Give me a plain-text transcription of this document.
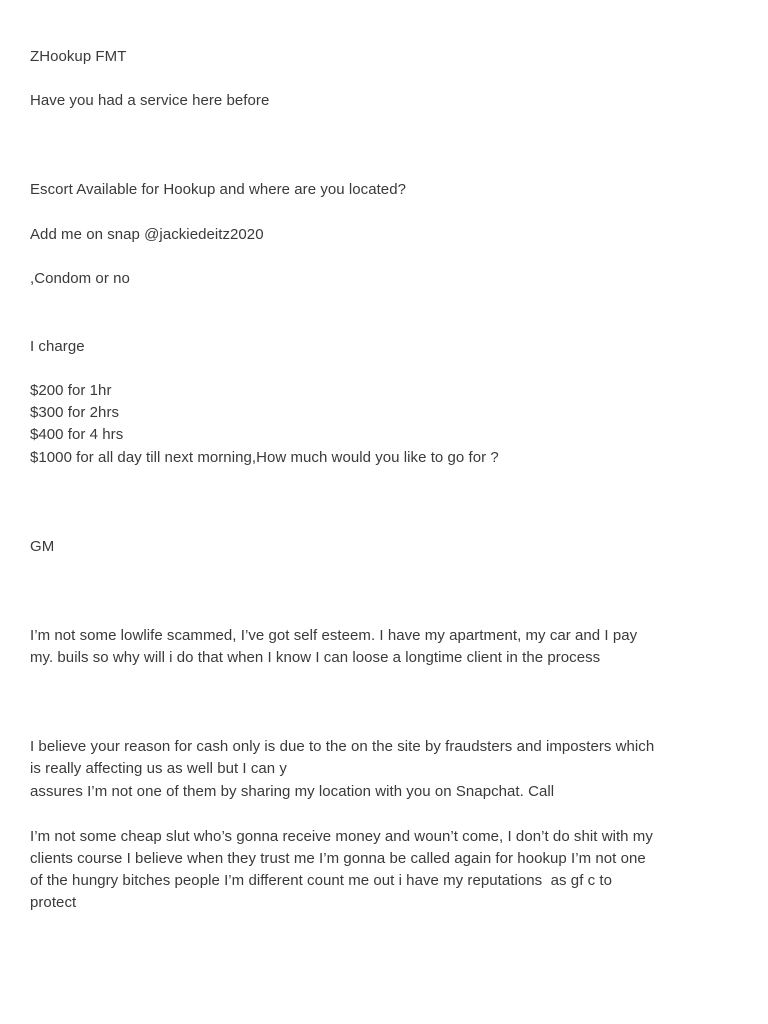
ZHookup FMT
Have you had a service here before
Escort Available for Hookup and where are you located?
Add me on snap @jackiedeitz2020
,Condom or no
I charge
$200 for 1hr
$300 for 2hrs
$400 for 4 hrs
$1000 for all day till next morning,How much would you like to go for ?
GM
I’m not some lowlife scammed, I’ve got self esteem. I have my apartment, my car and I pay
my. buils so why will i do that when I know I can loose a longtime client in the process
I believe your reason for cash only is due to the on the site by fraudsters and imposters which
is really affecting us as well but I can y
assures I’m not one of them by sharing my location with you on Snapchat. Call
I’m not some cheap slut who’s gonna receive money and woun’t come, I don’t do shit with my
clients course I believe when they trust me I’m gonna be called again for hookup I’m not one
of the hungry bitches people I’m different count me out i have my reputations  as gf c to
protect
